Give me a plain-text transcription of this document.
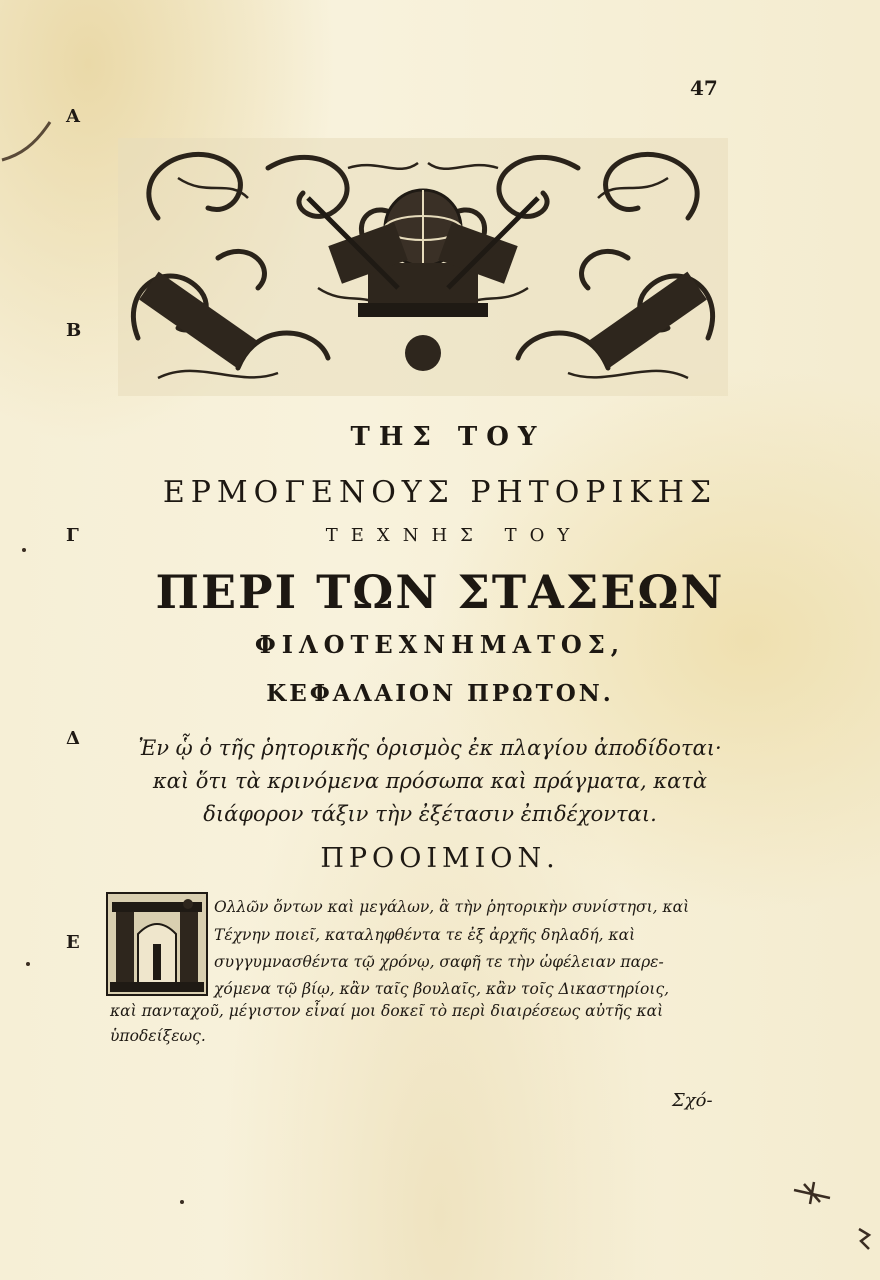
47
Α
Β
Γ
Δ
Ε
ΤΗΣ ΤΟΥ
ΕΡΜΟΓΕΝΟΥΣ ΡΗΤΟΡΙΚΗΣ
ΤΕΧΝΗΣ ΤΟΥ
ΠΕΡΙ ΤΩΝ ΣΤΑΣΕΩΝ
ΦΙΛΟΤΕΧΝΗΜΑΤΟΣ,
ΚΕΦΑΛΑΙΟΝ ΠΡΩΤΟΝ.
Ἐν ᾧ ὁ τῆς ῥητορικῆς ὁρισμὸς ἐκ πλαγίου ἀποδίδοται·
καὶ ὅτι τὰ κρινόμενα πρόσωπα καὶ πράγματα, κατὰ
διάφορον τάξιν τὴν ἐξέτασιν ἐπιδέχονται.
ΠΡΟΟΙΜΙΟΝ.
Ολλῶν ὄντων καὶ μεγάλων, ἃ τὴν ῥητορικὴν συνίστησι, καὶ
Τέχνην ποιεῖ, καταληφθέντα τε ἐξ ἀρχῆς δηλαδή, καὶ
συγγυμνασθέντα τῷ χρόνῳ, σαφῆ τε τὴν ὠφέλειαν παρε-
χόμενα τῷ βίῳ, κἂν ταῖς βουλαῖς, κἂν τοῖς Δικαστηρίοις,
καὶ πανταχοῦ, μέγιστον εἶναί μοι δοκεῖ τὸ περὶ διαιρέσεως αὐτῆς καὶ
ὑποδείξεως.
Σχό-
